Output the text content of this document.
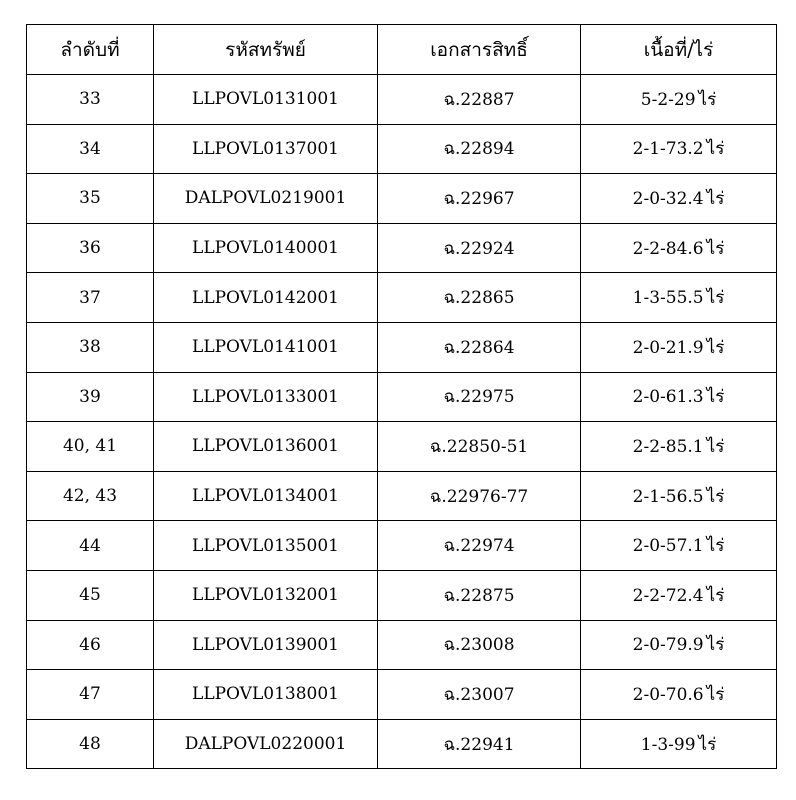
ลำดับที่	รหัสทรัพย์	เอกสารสิทธิ์	เนื้อที่/ไร่
33	LLPOVL0131001	ฉ.22887	5-2-29 ไร่
34	LLPOVL0137001	ฉ.22894	2-1-73.2 ไร่
35	DALPOVL0219001	ฉ.22967	2-0-32.4 ไร่
36	LLPOVL0140001	ฉ.22924	2-2-84.6 ไร่
37	LLPOVL0142001	ฉ.22865	1-3-55.5 ไร่
38	LLPOVL0141001	ฉ.22864	2-0-21.9 ไร่
39	LLPOVL0133001	ฉ.22975	2-0-61.3 ไร่
40, 41	LLPOVL0136001	ฉ.22850-51	2-2-85.1 ไร่
42, 43	LLPOVL0134001	ฉ.22976-77	2-1-56.5 ไร่
44	LLPOVL0135001	ฉ.22974	2-0-57.1 ไร่
45	LLPOVL0132001	ฉ.22875	2-2-72.4 ไร่
46	LLPOVL0139001	ฉ.23008	2-0-79.9 ไร่
47	LLPOVL0138001	ฉ.23007	2-0-70.6 ไร่
48	DALPOVL0220001	ฉ.22941	1-3-99 ไร่
